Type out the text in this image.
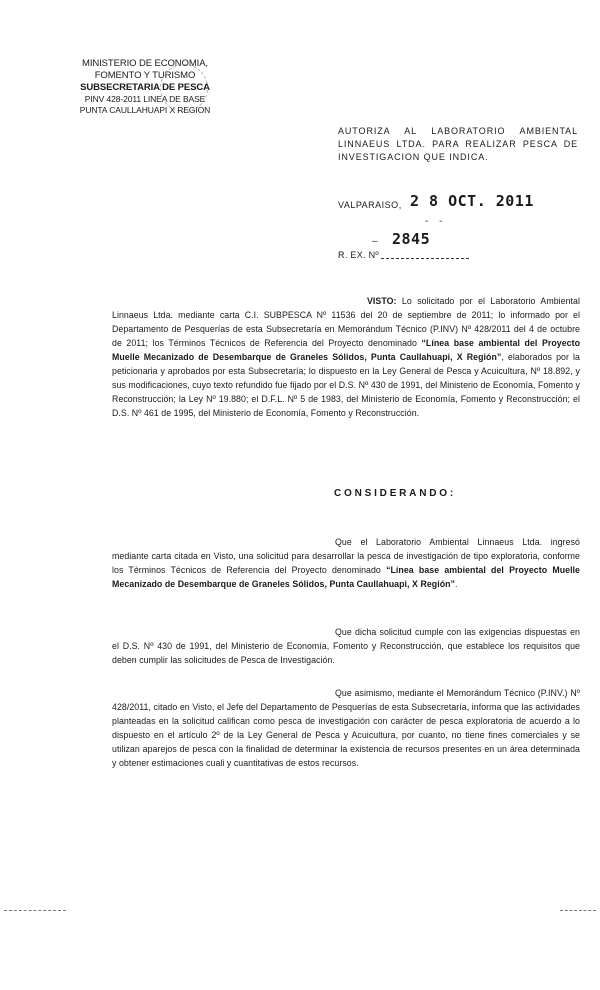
MINISTERIO DE ECONOMIA,
FOMENTO Y TURISMO
SUBSECRETARIA DE PESCA
PINV 428-2011 LINEA DE BASE
PUNTA CAULLAHUAPI X REGION
AUTORIZA AL LABORATORIO AMBIENTAL LINNAEUS LTDA. PARA REALIZAR PESCA DE INVESTIGACION QUE INDICA.
VALPARAISO, 2 8 OCT. 2011
- -
– 2845
R. EX. Nº
VISTO: Lo solicitado por el Laboratorio Ambiental Linnaeus Ltda. mediante carta C.I. SUBPESCA Nº 11536 del 20 de septiembre de 2011; lo informado por el Departamento de Pesquerías de esta Subsecretaría en Memorándum Técnico (P.INV) Nº 428/2011 del 4 de octubre de 2011; los Términos Técnicos de Referencia del Proyecto denominado “Línea base ambiental del Proyecto Muelle Mecanizado de Desembarque de Graneles Sólidos, Punta Caullahuapi, X Región”, elaborados por la peticionaria y aprobados por esta Subsecretaría; lo dispuesto en la Ley General de Pesca y Acuicultura, Nº 18.892, y sus modificaciones, cuyo texto refundido fue fijado por el D.S. Nº 430 de 1991, del Ministerio de Economía, Fomento y Reconstrucción; la Ley Nº 19.880; el D.F.L. Nº 5 de 1983, del Ministerio de Economía, Fomento y Reconstrucción; el D.S. Nº 461 de 1995, del Ministerio de Economía, Fomento y Reconstrucción.
CONSIDERANDO:
Que el Laboratorio Ambiental Linnaeus Ltda. ingresó mediante carta citada en Visto, una solicitud para desarrollar la pesca de investigación de tipo exploratoria, conforme los Términos Técnicos de Referencia del Proyecto denominado “Línea base ambiental del Proyecto Muelle Mecanizado de Desembarque de Graneles Sólidos, Punta Caullahuapi, X Región”.
Que dicha solicitud cumple con las exigencias dispuestas en el D.S. Nº 430 de 1991, del Ministerio de Economía, Fomento y Reconstrucción, que establece los requisitos que deben cumplir las solicitudes de Pesca de Investigación.
Que asimismo, mediante el Memorándum Técnico (P.INV.) Nº 428/2011, citado en Visto, el Jefe del Departamento de Pesquerías de esta Subsecretaría, informa que las actividades planteadas en la solicitud califican como pesca de investigación con carácter de pesca exploratoria de acuerdo a lo dispuesto en el artículo 2º de la Ley General de Pesca y Acuicultura, por cuanto, no tiene fines comerciales y se utilizan aparejos de pesca con la finalidad de determinar la existencia de recursos presentes en un área determinada y obtener estimaciones cuali y cuantitativas de estos recursos.
